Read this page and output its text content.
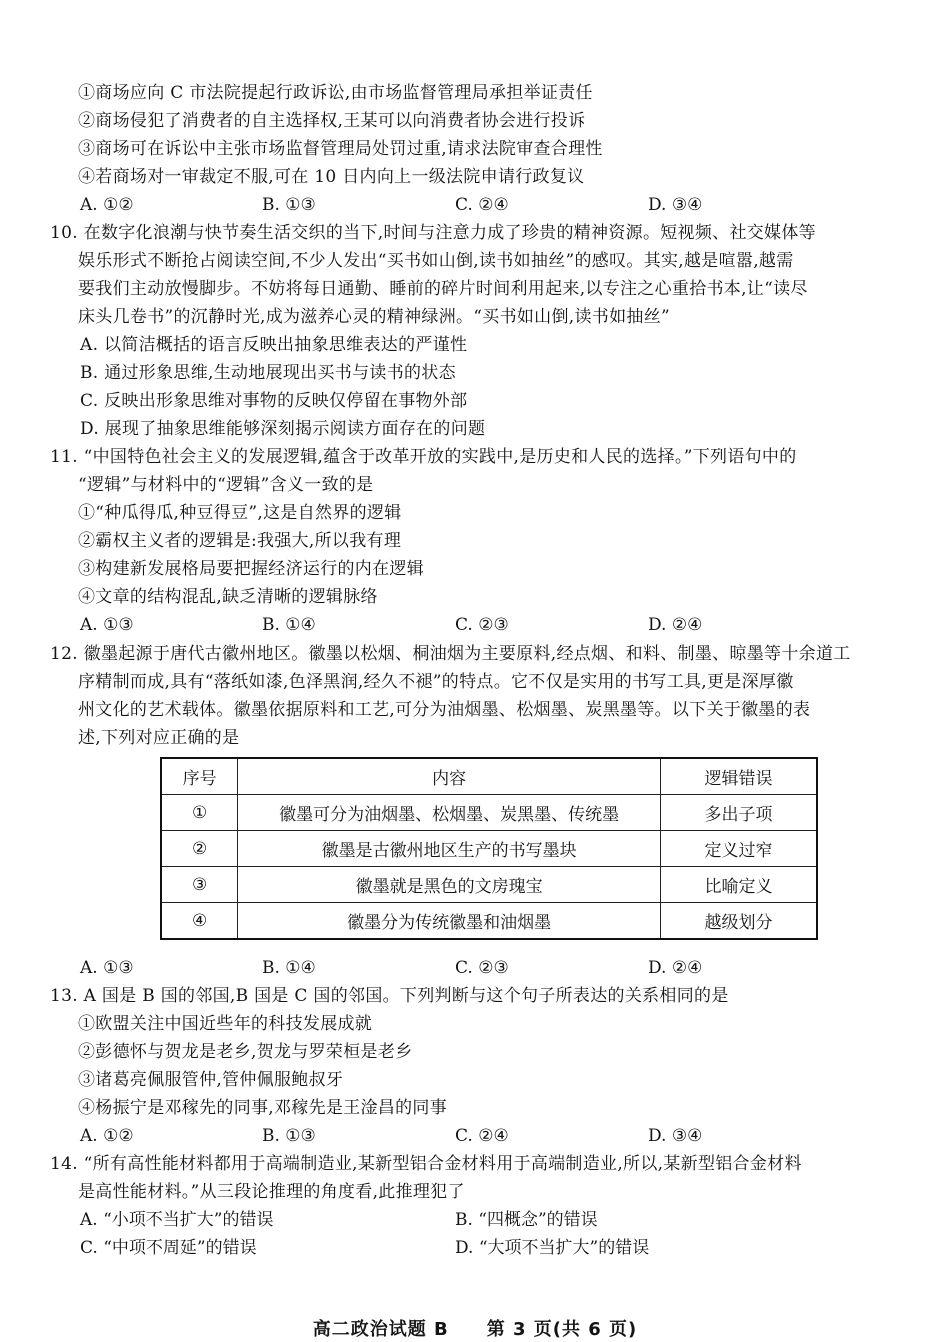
①商场应向 C 市法院提起行政诉讼,由市场监督管理局承担举证责任
②商场侵犯了消费者的自主选择权,王某可以向消费者协会进行投诉
③商场可在诉讼中主张市场监督管理局处罚过重,请求法院审查合理性
④若商场对一审裁定不服,可在 10 日内向上一级法院申请行政复议
A. ①②	B. ①③	C. ②④	D. ③④
10. 在数字化浪潮与快节奏生活交织的当下,时间与注意力成了珍贵的精神资源。短视频、社交媒体等
娱乐形式不断抢占阅读空间,不少人发出“买书如山倒,读书如抽丝”的感叹。其实,越是喧嚣,越需
要我们主动放慢脚步。不妨将每日通勤、睡前的碎片时间利用起来,以专注之心重拾书本,让“读尽
床头几卷书”的沉静时光,成为滋养心灵的精神绿洲。“买书如山倒,读书如抽丝”
A. 以简洁概括的语言反映出抽象思维表达的严谨性
B. 通过形象思维,生动地展现出买书与读书的状态
C. 反映出形象思维对事物的反映仅停留在事物外部
D. 展现了抽象思维能够深刻揭示阅读方面存在的问题
11. “中国特色社会主义的发展逻辑,蕴含于改革开放的实践中,是历史和人民的选择。”下列语句中的
“逻辑”与材料中的“逻辑”含义一致的是
①“种瓜得瓜,种豆得豆”,这是自然界的逻辑
②霸权主义者的逻辑是:我强大,所以我有理
③构建新发展格局要把握经济运行的内在逻辑
④文章的结构混乱,缺乏清晰的逻辑脉络
A. ①③	B. ①④	C. ②③	D. ②④
12. 徽墨起源于唐代古徽州地区。徽墨以松烟、桐油烟为主要原料,经点烟、和料、制墨、晾墨等十余道工
序精制而成,具有“落纸如漆,色泽黑润,经久不褪”的特点。它不仅是实用的书写工具,更是深厚徽
州文化的艺术载体。徽墨依据原料和工艺,可分为油烟墨、松烟墨、炭黑墨等。以下关于徽墨的表
述,下列对应正确的是
序号	内容	逻辑错误
①	徽墨可分为油烟墨、松烟墨、炭黑墨、传统墨	多出子项
②	徽墨是古徽州地区生产的书写墨块	定义过窄
③	徽墨就是黑色的文房瑰宝	比喻定义
④	徽墨分为传统徽墨和油烟墨	越级划分
A. ①③	B. ①④	C. ②③	D. ②④
13. A 国是 B 国的邻国,B 国是 C 国的邻国。下列判断与这个句子所表达的关系相同的是
①欧盟关注中国近些年的科技发展成就
②彭德怀与贺龙是老乡,贺龙与罗荣桓是老乡
③诸葛亮佩服管仲,管仲佩服鲍叔牙
④杨振宁是邓稼先的同事,邓稼先是王淦昌的同事
A. ①②	B. ①③	C. ②④	D. ③④
14. “所有高性能材料都用于高端制造业,某新型铝合金材料用于高端制造业,所以,某新型铝合金材料
是高性能材料。”从三段论推理的角度看,此推理犯了
A. “小项不当扩大”的错误	B. “四概念”的错误
C. “中项不周延”的错误	D. “大项不当扩大”的错误
高二政治试题 B　　第 3 页(共 6 页)
